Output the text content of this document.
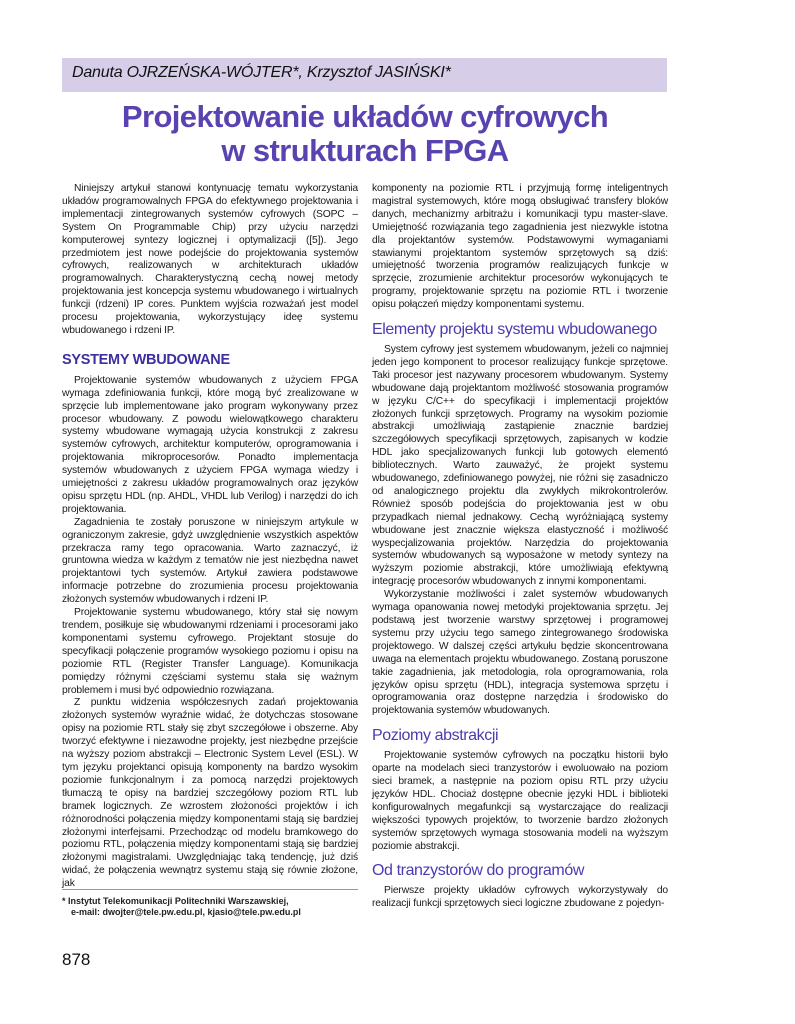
Danuta OJRZEŃSKA-WÓJTER*, Krzysztof JASIŃSKI*
Projektowanie układów cyfrowych
w strukturach FPGA

Niniejszy artykuł stanowi kontynuację tematu wykorzystania układów programowalnych FPGA do efektywnego projektowania i implementacji zintegrowanych systemów cyfrowych (SOPC – System On Programmable Chip) przy użyciu narzędzi komputerowej syntezy logicznej i optymalizacji ([5]). Jego przedmiotem jest nowe podejście do projektowania systemów cyfrowych, realizowanych w architekturach układów programowalnych. Charakterystyczną cechą nowej metody projektowania jest koncepcja systemu wbudowanego i wirtualnych funkcji (rdzeni) IP cores. Punktem wyjścia rozważań jest model procesu projektowania, wykorzystujący ideę systemu wbudowanego i rdzeni IP.

SYSTEMY WBUDOWANE

Projektowanie systemów wbudowanych z użyciem FPGA wymaga zdefiniowania funkcji, które mogą być zrealizowane w sprzęcie lub implementowane jako program wykonywany przez procesor wbudowany. Z powodu wielowątkowego charakteru systemy wbudowane wymagają użycia konstrukcji z zakresu systemów cyfrowych, architektur komputerów, oprogramowania i projektowania mikroprocesorów. Ponadto implementacja systemów wbudowanych z użyciem FPGA wymaga wiedzy i umiejętności z zakresu układów programowalnych oraz języków opisu sprzętu HDL (np. AHDL, VHDL lub Verilog) i narzędzi do ich projektowania.

Zagadnienia te zostały poruszone w niniejszym artykule w ograniczonym zakresie, gdyż uwzględnienie wszystkich aspektów przekracza ramy tego opracowania. Warto zaznaczyć, iż gruntowna wiedza w każdym z tematów nie jest niezbędna nawet projektantowi tych systemów. Artykuł zawiera podstawowe informacje potrzebne do zrozumienia procesu projektowania złożonych systemów wbudowanych i rdzeni IP.

Projektowanie systemu wbudowanego, który stał się nowym trendem, posiłkuje się wbudowanymi rdzeniami i procesorami jako komponentami systemu cyfrowego. Projektant stosuje do specyfikacji połączenie programów wysokiego poziomu i opisu na poziomie RTL (Register Transfer Language). Komunikacja pomiędzy różnymi częściami systemu stała się ważnym problemem i musi być odpowiednio rozwiązana.

Z punktu widzenia współczesnych zadań projektowania złożonych systemów wyraźnie widać, że dotychczas stosowane opisy na poziomie RTL stały się zbyt szczegółowe i obszerne. Aby tworzyć efektywne i niezawodne projekty, jest niezbędne przejście na wyższy poziom abstrakcji – Electronic System Level (ESL). W tym języku projektanci opisują komponenty na bardzo wysokim poziomie funkcjonalnym i za pomocą narzędzi projektowych tłumaczą te opisy na bardziej szczegółowy poziom RTL lub bramek logicznych. Ze wzrostem złożoności projektów i ich różnorodności połączenia między komponentami stają się bardziej złożonymi interfejsami. Przechodząc od modelu bramkowego do poziomu RTL, połączenia między komponentami stają się bardziej złożonymi magistralami. Uwzględniając taką tendencję, już dziś widać, że połączenia wewnątrz systemu stają się równie złożone, jak

* Instytut Telekomunikacji Politechniki Warszawskiej,
e-mail: dwojter@tele.pw.edu.pl, kjasio@tele.pw.edu.pl
878

komponenty na poziomie RTL i przyjmują formę inteligentnych magistral systemowych, które mogą obsługiwać transfery bloków danych, mechanizmy arbitrażu i komunikacji typu master-slave. Umiejętność rozwiązania tego zagadnienia jest niezwykle istotna dla projektantów systemów. Podstawowymi wymaganiami stawianymi projektantom systemów sprzętowych są dziś: umiejętność tworzenia programów realizujących funkcje w sprzęcie, zrozumienie architektur procesorów wykonujących te programy, projektowanie sprzętu na poziomie RTL i tworzenie opisu połączeń między komponentami systemu.

Elementy projektu systemu wbudowanego

System cyfrowy jest systemem wbudowanym, jeżeli co najmniej jeden jego komponent to procesor realizujący funkcje sprzętowe. Taki procesor jest nazywany procesorem wbudowanym. Systemy wbudowane dają projektantom możliwość stosowania programów w języku C/C++ do specyfikacji i implementacji projektów złożonych funkcji sprzętowych. Programy na wysokim poziomie abstrakcji umożliwiają zastąpienie znacznie bardziej szczegółowych specyfikacji sprzętowych, zapisanych w kodzie HDL jako specjalizowanych funkcji lub gotowych elementó bibliotecznych. Warto zauważyć, że projekt systemu wbudowanego, zdefiniowanego powyżej, nie różni się zasadniczo od analogicznego projektu dla zwykłych mikrokontrolerów. Również sposób podejścia do projektowania jest w obu przypadkach niemal jednakowy. Cechą wyróżniającą systemy wbudowane jest znacznie większa elastyczność i możliwość wyspecjalizowania projektów. Narzędzia do projektowania systemów wbudowanych są wyposażone w metody syntezy na wyższym poziomie abstrakcji, które umożliwiają efektywną integrację procesorów wbudowanych z innymi komponentami.

Wykorzystanie możliwości i zalet systemów wbudowanych wymaga opanowania nowej metodyki projektowania sprzętu. Jej podstawą jest tworzenie warstwy sprzętowej i programowej systemu przy użyciu tego samego zintegrowanego środowiska projektowego. W dalszej części artykułu będzie skoncentrowana uwaga na elementach projektu wbudowanego. Zostaną poruszone takie zagadnienia, jak metodologia, rola oprogramowania, rola języków opisu sprzętu (HDL), integracja systemowa sprzętu i oprogramowania oraz dostępne narzędzia i środowisko do projektowania systemów wbudowanych.

Poziomy abstrakcji

Projektowanie systemów cyfrowych na początku historii było oparte na modelach sieci tranzystorów i ewoluowało na poziom sieci bramek, a następnie na poziom opisu RTL przy użyciu języków HDL. Chociaż dostępne obecnie języki HDL i biblioteki konfigurowalnych megafunkcji są wystarczające do realizacji większości typowych projektów, to tworzenie bardzo złożonych systemów sprzętowych wymaga stosowania modeli na wyższym poziomie abstrakcji.

Od tranzystorów do programów

Pierwsze projekty układów cyfrowych wykorzystywały do realizacji funkcji sprzętowych sieci logiczne zbudowane z pojedyn-
